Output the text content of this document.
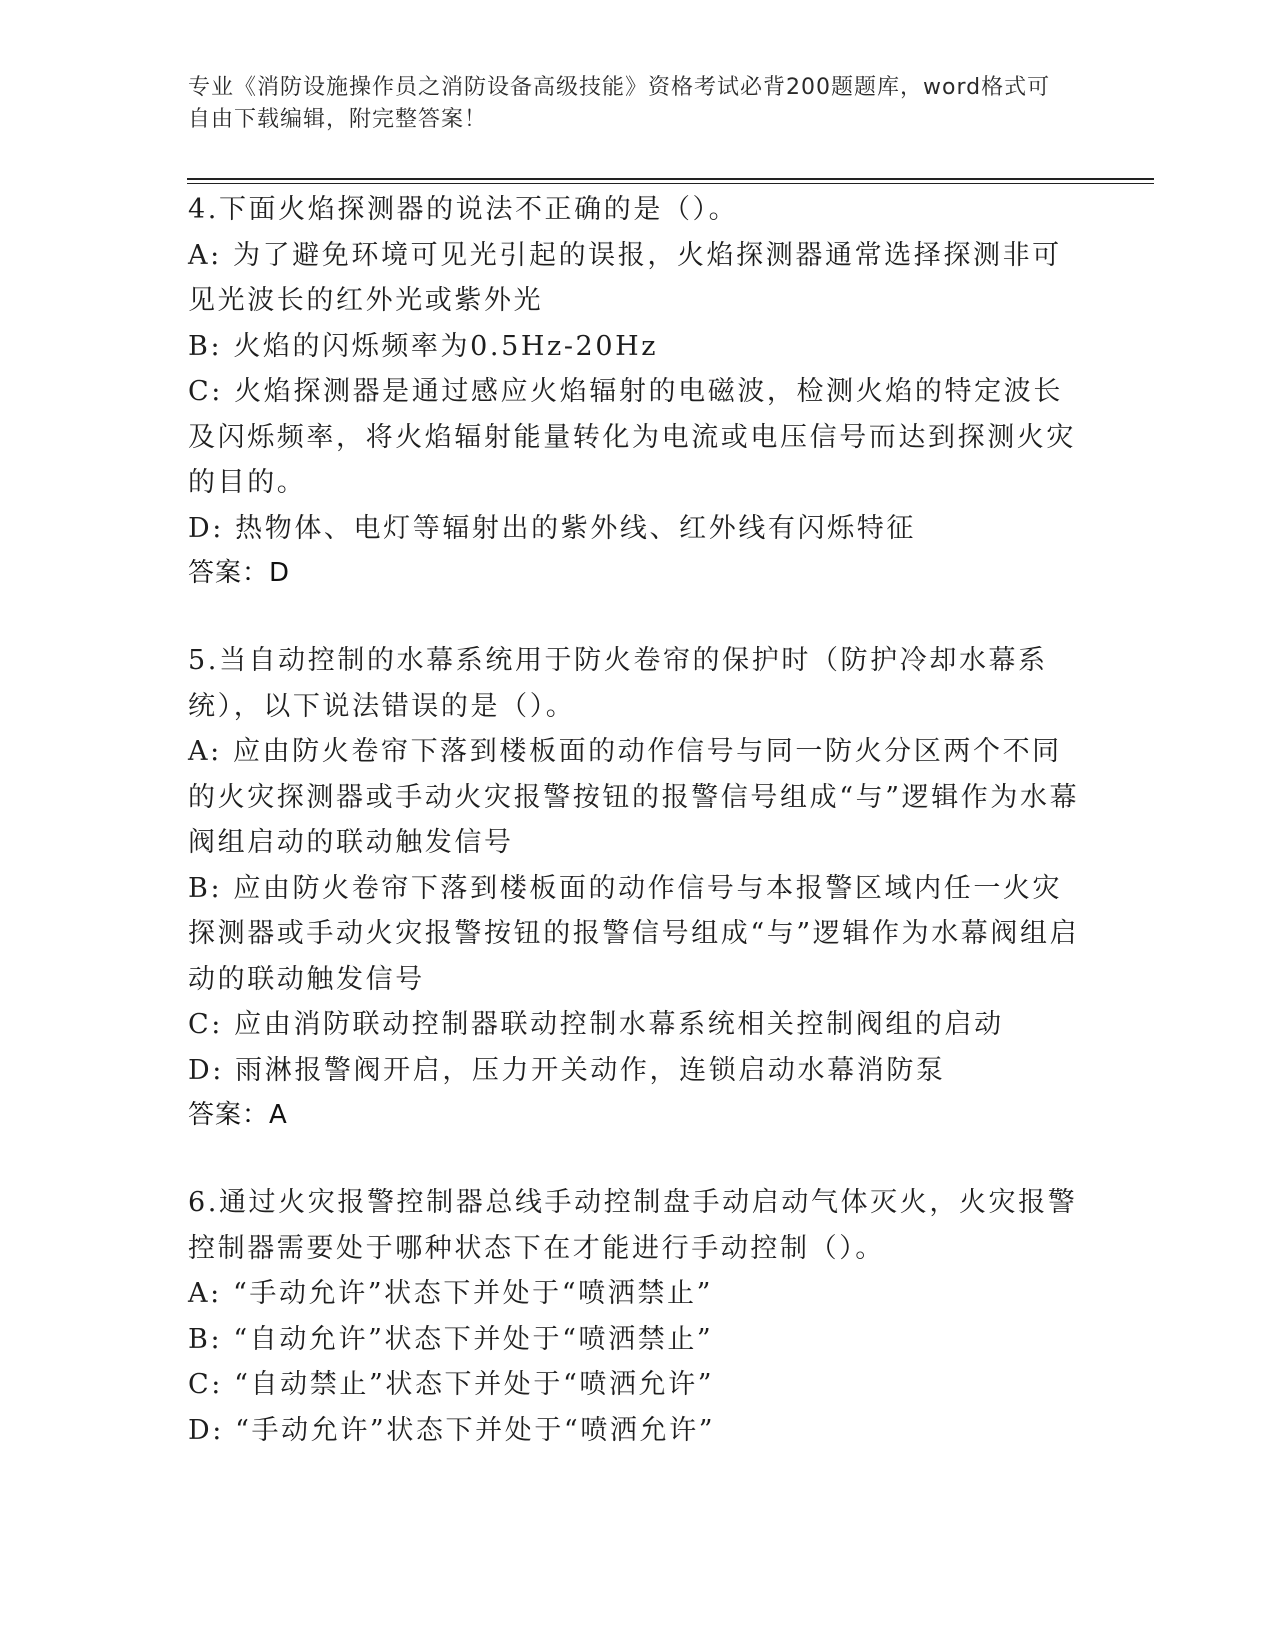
专业《消防设施操作员之消防设备高级技能》资格考试必背200题题库，word格式可自由下载编辑，附完整答案！

4.下面火焰探测器的说法不正确的是（）。

A: 为了避免环境可见光引起的误报，火焰探测器通常选择探测非可见光波长的红外光或紫外光

B: 火焰的闪烁频率为0.5Hz-20Hz

C: 火焰探测器是通过感应火焰辐射的电磁波，检测火焰的特定波长及闪烁频率，将火焰辐射能量转化为电流或电压信号而达到探测火灾的目的。

D: 热物体、电灯等辐射出的紫外线、红外线有闪烁特征

答案：D

5.当自动控制的水幕系统用于防火卷帘的保护时（防护冷却水幕系统），以下说法错误的是（）。

A: 应由防火卷帘下落到楼板面的动作信号与同一防火分区两个不同的火灾探测器或手动火灾报警按钮的报警信号组成“与”逻辑作为水幕阀组启动的联动触发信号

B: 应由防火卷帘下落到楼板面的动作信号与本报警区域内任一火灾探测器或手动火灾报警按钮的报警信号组成“与”逻辑作为水幕阀组启动的联动触发信号

C: 应由消防联动控制器联动控制水幕系统相关控制阀组的启动

D: 雨淋报警阀开启，压力开关动作，连锁启动水幕消防泵

答案：A

6.通过火灾报警控制器总线手动控制盘手动启动气体灭火，火灾报警控制器需要处于哪种状态下在才能进行手动控制（）。

A: “手动允许”状态下并处于“喷洒禁止”

B: “自动允许”状态下并处于“喷洒禁止”

C: “自动禁止”状态下并处于“喷洒允许”

D: “手动允许”状态下并处于“喷洒允许”
